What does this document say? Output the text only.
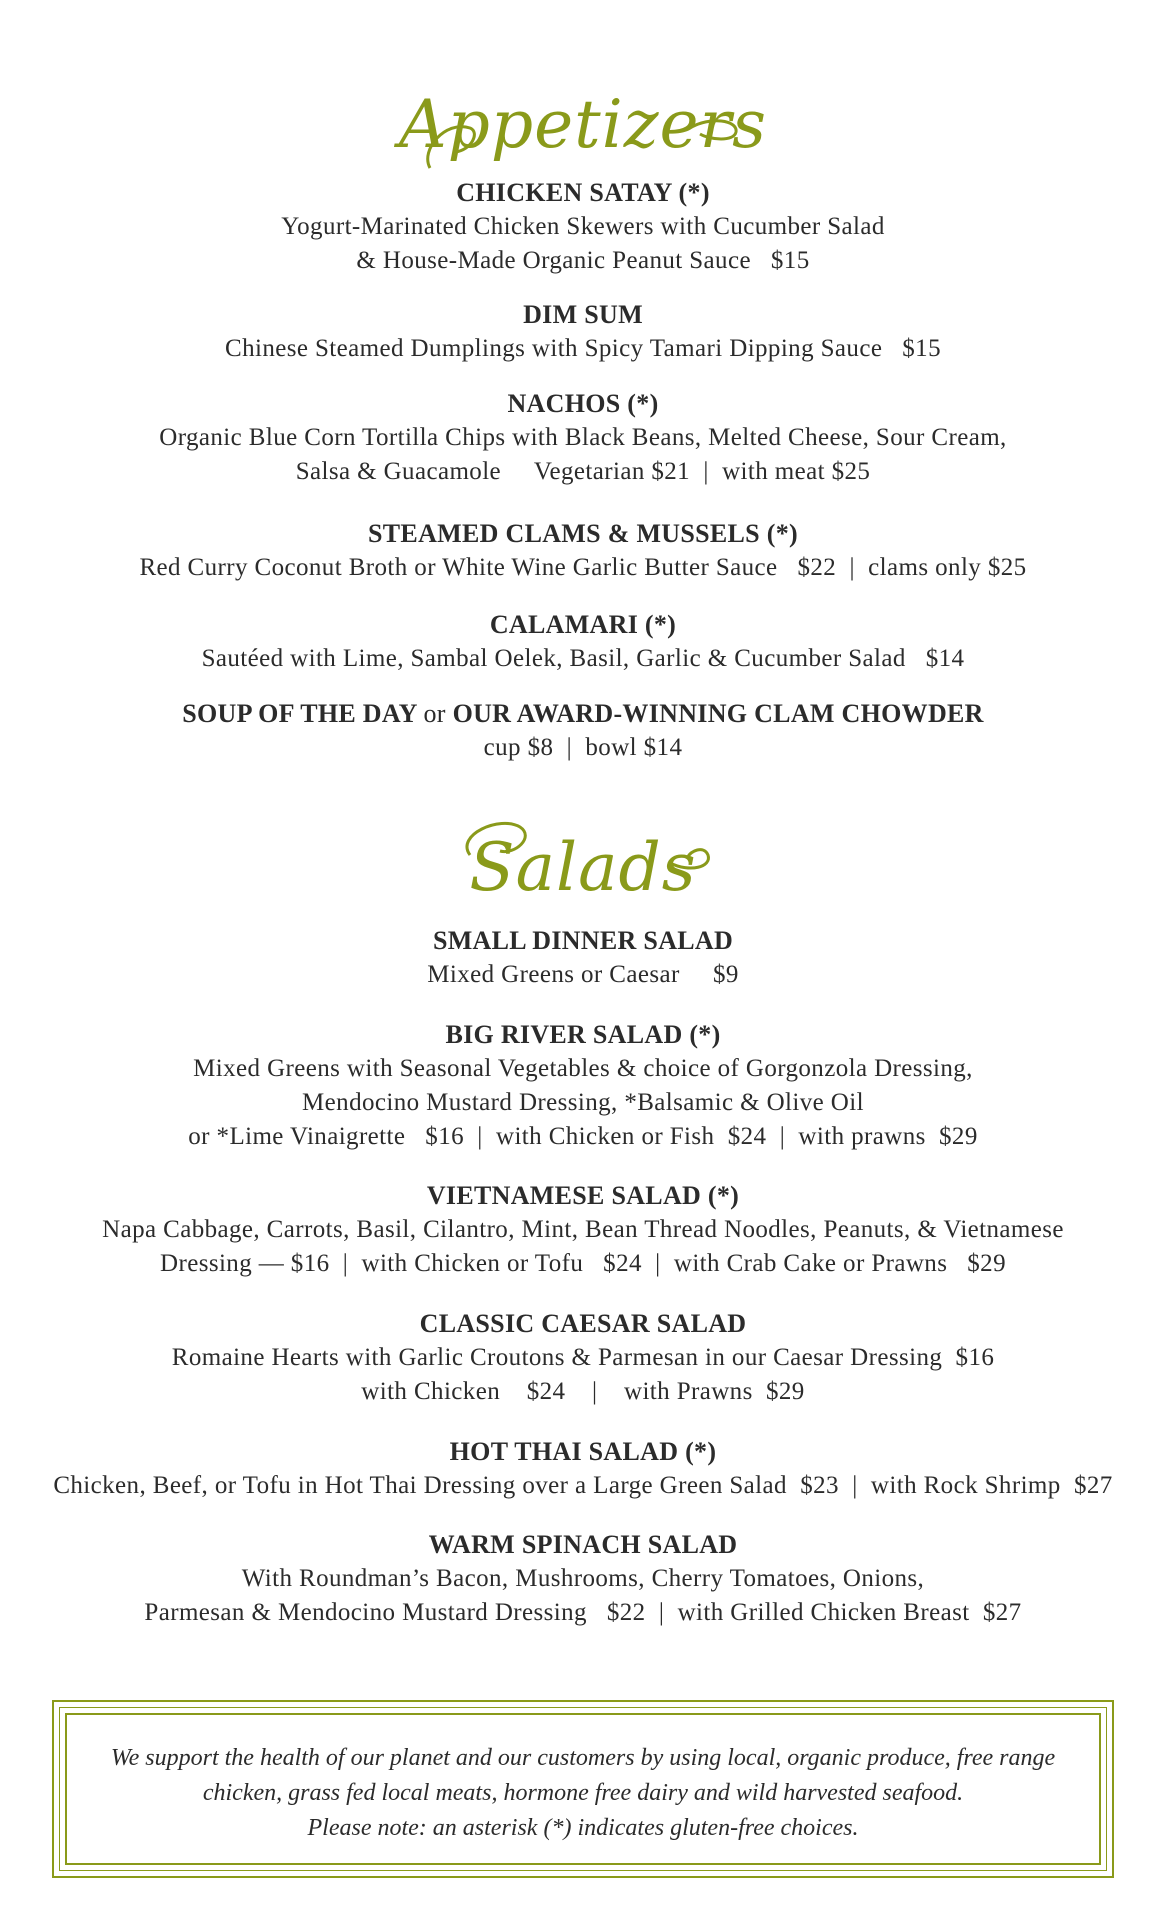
Appetizers
CHICKEN SATAY (*)
Yogurt-Marinated Chicken Skewers with Cucumber Salad
& House-Made Organic Peanut Sauce   $15
DIM SUM
Chinese Steamed Dumplings with Spicy Tamari Dipping Sauce   $15
NACHOS (*)
Organic Blue Corn Tortilla Chips with Black Beans, Melted Cheese, Sour Cream,
Salsa & Guacamole     Vegetarian $21  |  with meat $25
STEAMED CLAMS & MUSSELS (*)
Red Curry Coconut Broth or White Wine Garlic Butter Sauce   $22  |  clams only $25
CALAMARI (*)
Sautéed with Lime, Sambal Oelek, Basil, Garlic & Cucumber Salad   $14
SOUP OF THE DAY or OUR AWARD-WINNING CLAM CHOWDER
cup $8  |  bowl $14
Salads
SMALL DINNER SALAD
Mixed Greens or Caesar     $9
BIG RIVER SALAD (*)
Mixed Greens with Seasonal Vegetables & choice of Gorgonzola Dressing,
Mendocino Mustard Dressing, *Balsamic & Olive Oil
or *Lime Vinaigrette   $16  |  with Chicken or Fish  $24  |  with prawns  $29
VIETNAMESE SALAD (*)
Napa Cabbage, Carrots, Basil, Cilantro, Mint, Bean Thread Noodles, Peanuts, & Vietnamese
Dressing — $16  |  with Chicken or Tofu   $24  |  with Crab Cake or Prawns   $29
CLASSIC CAESAR SALAD
Romaine Hearts with Garlic Croutons & Parmesan in our Caesar Dressing  $16
with Chicken    $24    |    with Prawns  $29
HOT THAI SALAD (*)
Chicken, Beef, or Tofu in Hot Thai Dressing over a Large Green Salad  $23  |  with Rock Shrimp  $27
WARM SPINACH SALAD
With Roundman’s Bacon, Mushrooms, Cherry Tomatoes, Onions,
Parmesan & Mendocino Mustard Dressing   $22  |  with Grilled Chicken Breast  $27
We support the health of our planet and our customers by using local, organic produce, free range
chicken, grass fed local meats, hormone free dairy and wild harvested seafood.
Please note: an asterisk (*) indicates gluten-free choices.
